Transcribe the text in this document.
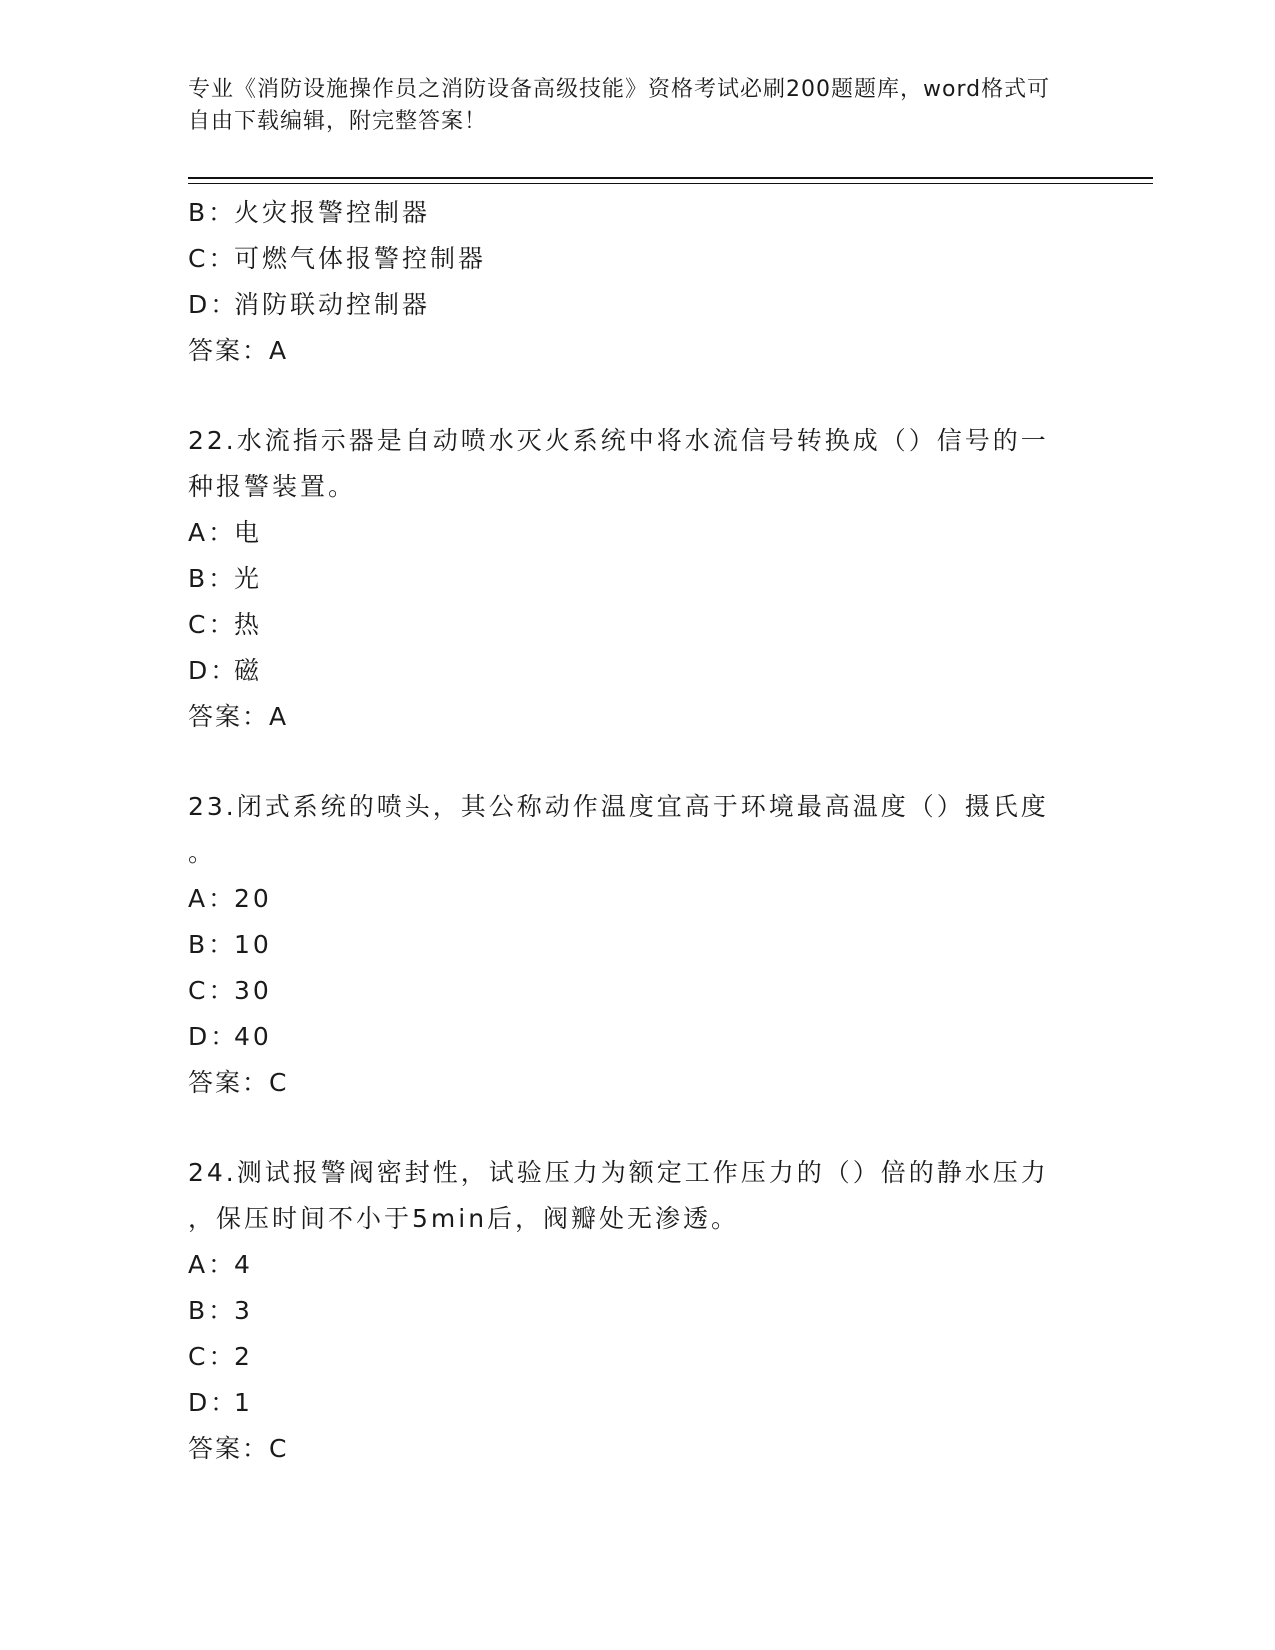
专业《消防设施操作员之消防设备高级技能》资格考试必刷200题题库，word格式可自由下载编辑，附完整答案！
B：火灾报警控制器
C：可燃气体报警控制器
D：消防联动控制器
答案：A
22.水流指示器是自动喷水灭火系统中将水流信号转换成（）信号的一
种报警装置。
A：电
B：光
C：热
D：磁
答案：A
23.闭式系统的喷头，其公称动作温度宜高于环境最高温度（）摄氏度
。
A：20
B：10
C：30
D：40
答案：C
24.测试报警阀密封性，试验压力为额定工作压力的（）倍的静水压力
，保压时间不小于5min后，阀瓣处无渗透。
A：4
B：3
C：2
D：1
答案：C
